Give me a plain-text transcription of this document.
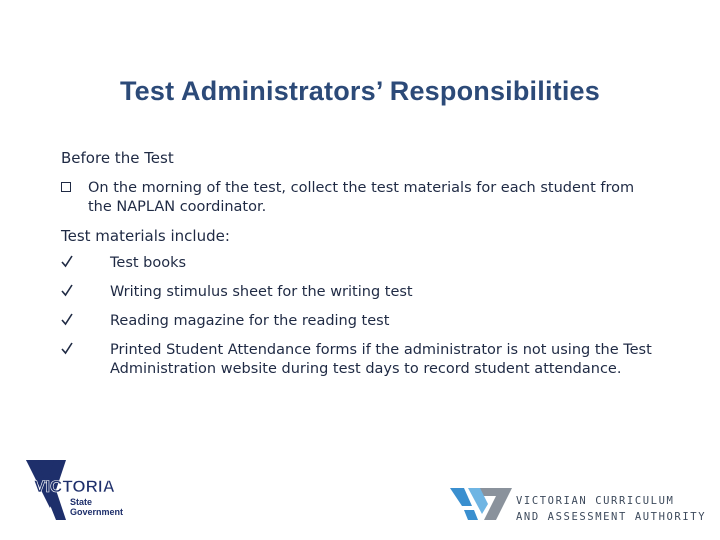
Test Administrators’ Responsibilities
Before the Test
On the morning of the test, collect the test materials for each student from the NAPLAN coordinator.
Test materials include:
Test books
Writing stimulus sheet for the writing test
Reading magazine for the reading test
Printed Student Attendance forms if the administrator is not using the Test Administration website during test days to record student attendance.
VICTORIA
State
Government
VICTORIAN CURRICULUM
AND ASSESSMENT AUTHORITY
